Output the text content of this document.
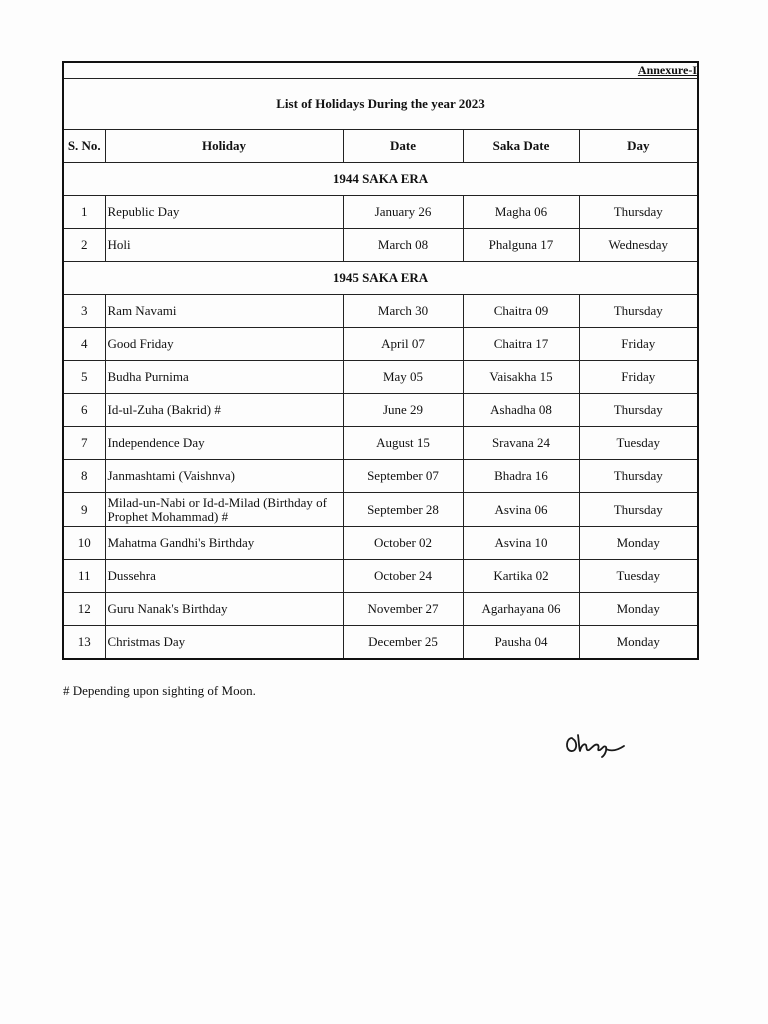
Annexure-I				
List of Holidays During the year 2023				
S. No.	Holiday	Date	Saka Date	Day
1944 SAKA ERA				
1	Republic Day	January 26	Magha 06	Thursday
2	Holi	March 08	Phalguna 17	Wednesday
1945 SAKA ERA				
3	Ram Navami	March 30	Chaitra 09	Thursday
4	Good Friday	April 07	Chaitra 17	Friday
5	Budha Purnima	May 05	Vaisakha 15	Friday
6	Id-ul-Zuha (Bakrid) #	June 29	Ashadha 08	Thursday
7	Independence Day	August 15	Sravana 24	Tuesday
8	Janmashtami (Vaishnva)	September 07	Bhadra 16	Thursday
9	Milad-un-Nabi or Id-d-Milad (Birthday of Prophet Mohammad) #	September 28	Asvina 06	Thursday
10	Mahatma Gandhi's Birthday	October 02	Asvina 10	Monday
11	Dussehra	October 24	Kartika 02	Tuesday
12	Guru Nanak's Birthday	November 27	Agarhayana 06	Monday
13	Christmas Day	December 25	Pausha 04	Monday
# Depending upon sighting of Moon.
